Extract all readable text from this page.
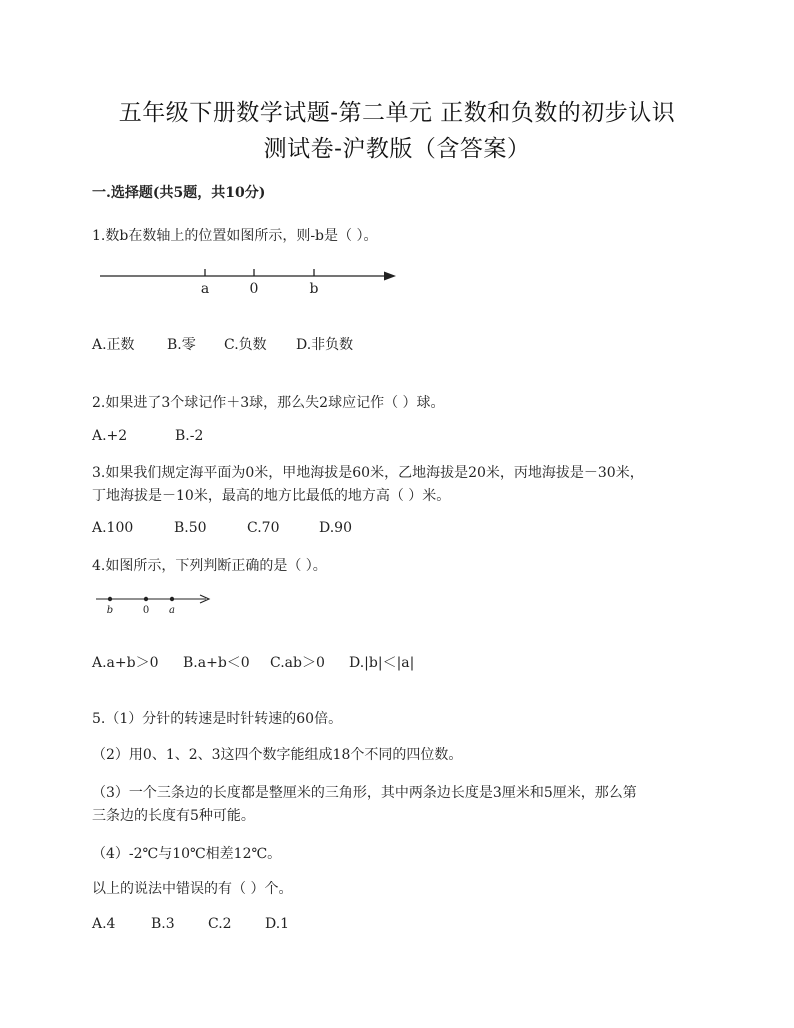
五年级下册数学试题-第二单元 正数和负数的初步认识
测试卷-沪教版（含答案）
一.选择题(共5题，共10分)
1.数b在数轴上的位置如图所示，则-b是（ ）。
a	0	b
A.正数 B.零 C.负数 D.非负数
2.如果进了3个球记作＋3球，那么失2球应记作（ ）球。
A.+2	B.-2
3.如果我们规定海平面为0米，甲地海拔是60米，乙地海拔是20米，丙地海拔是－30米，
丁地海拔是－10米，最高的地方比最低的地方高（ ）米。
A.100	B.50	C.70	D.90
4.如图所示，下列判断正确的是（ ）。
b	0 a
A.a+b＞0 B.a+b＜0 C.ab＞0 D.|b|＜|a|
5.（1）分针的转速是时针转速的60倍。
（2）用0、1、2、3这四个数字能组成18个不同的四位数。
（3）一个三条边的长度都是整厘米的三角形，其中两条边长度是3厘米和5厘米，那么第
三条边的长度有5种可能。
（4）-2℃与10℃相差12℃。
以上的说法中错误的有（ ）个。
A.4	B.3 C.2 D.1
